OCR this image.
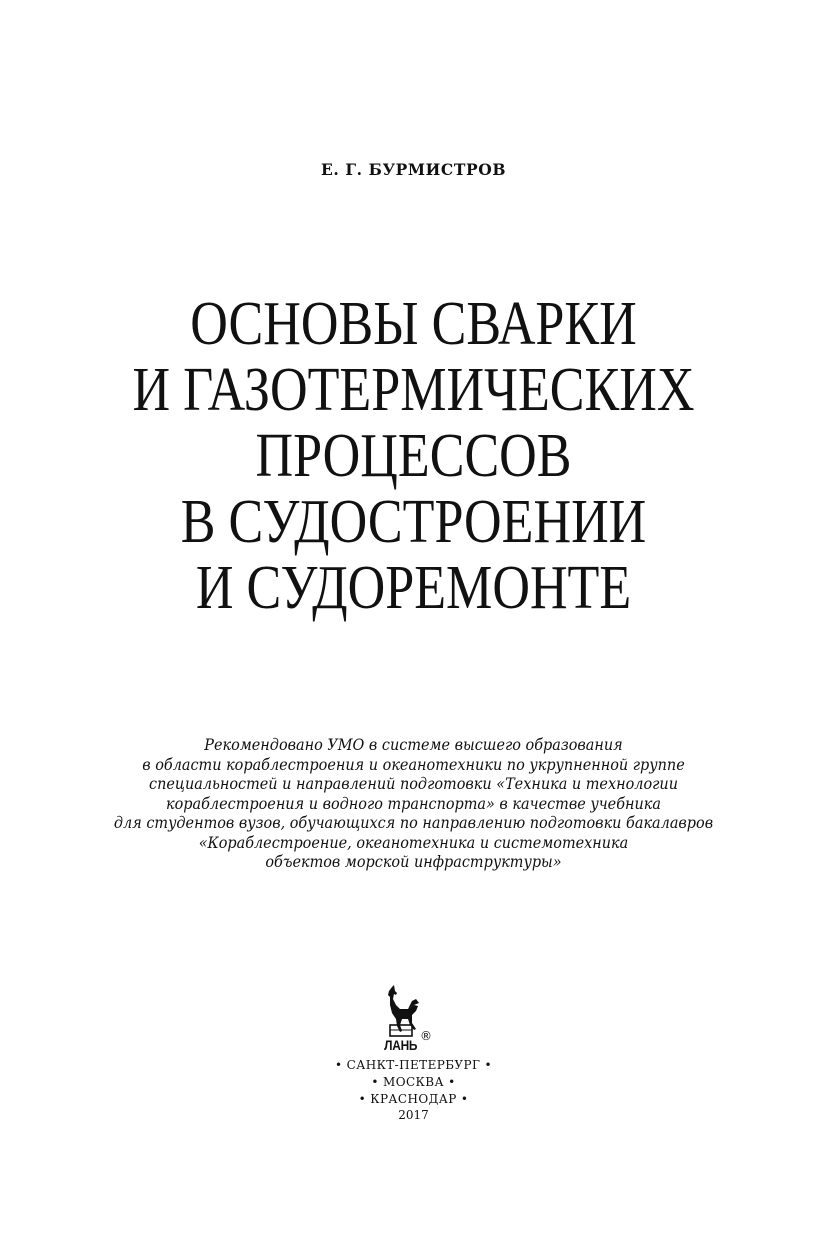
Е. Г. БУРМИСТРОВ
ОСНОВЫ СВАРКИ
И ГАЗОТЕРМИЧЕСКИХ
ПРОЦЕССОВ
В СУДОСТРОЕНИИ
И СУДОРЕМОНТЕ
Рекомендовано УМО в системе высшего образования
в области кораблестроения и океанотехники по укрупненной группе
специальностей и направлений подготовки «Техника и технологии
кораблестроения и водного транспорта» в качестве учебника
для студентов вузов, обучающихся по направлению подготовки бакалавров
«Кораблестроение, океанотехника и системотехника
объектов морской инфраструктуры»
ЛАНЬ
®
• САНКТ-ПЕТЕРБУРГ •
• МОСКВА •
• КРАСНОДАР •
2017
